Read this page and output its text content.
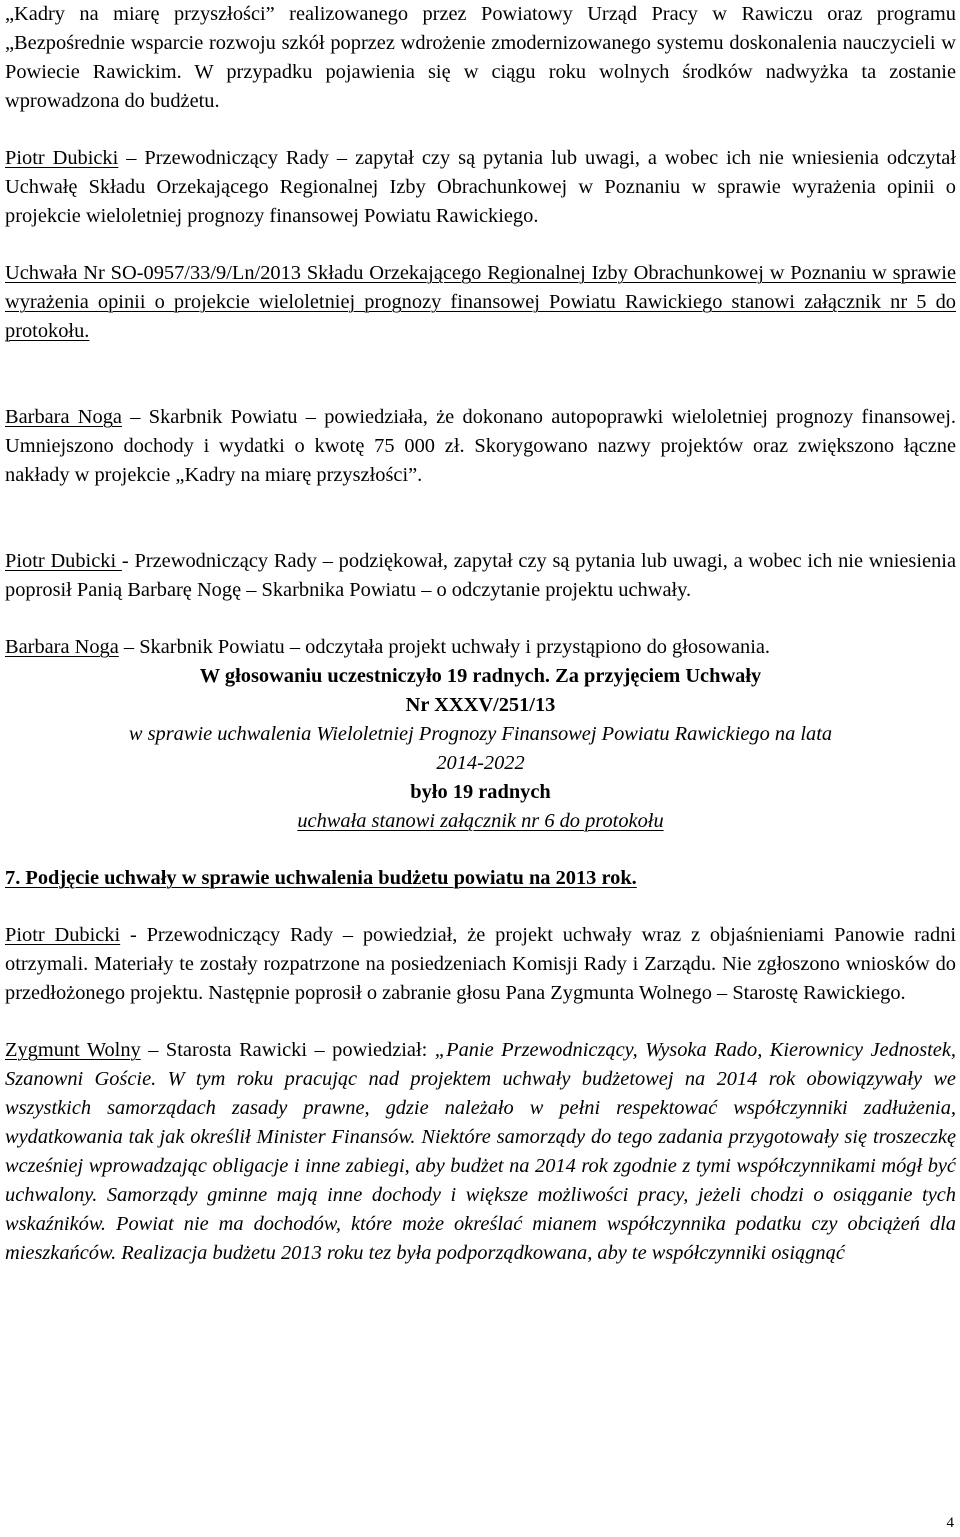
„Kadry na miarę przyszłości” realizowanego przez Powiatowy Urząd Pracy w Rawiczu oraz programu „Bezpośrednie wsparcie rozwoju szkół poprzez wdrożenie zmodernizowanego systemu doskonalenia nauczycieli w Powiecie Rawickim. W przypadku pojawienia się w ciągu roku wolnych środków nadwyżka ta zostanie wprowadzona do budżetu.

Piotr Dubicki – Przewodniczący Rady – zapytał czy są pytania lub uwagi, a wobec ich nie wniesienia odczytał Uchwałę Składu Orzekającego Regionalnej Izby Obrachunkowej w Poznaniu w sprawie wyrażenia opinii o projekcie wieloletniej prognozy finansowej Powiatu Rawickiego.

Uchwała Nr SO-0957/33/9/Ln/2013 Składu Orzekającego Regionalnej Izby Obrachunkowej w Poznaniu w sprawie wyrażenia opinii o projekcie wieloletniej prognozy finansowej Powiatu Rawickiego stanowi załącznik nr 5 do protokołu.

Barbara Noga – Skarbnik Powiatu – powiedziała, że dokonano autopoprawki wieloletniej prognozy finansowej. Umniejszono dochody i wydatki o kwotę 75 000 zł. Skorygowano nazwy projektów oraz zwiększono łączne nakłady w projekcie „Kadry na miarę przyszłości”.

Piotr Dubicki - Przewodniczący Rady – podziękował, zapytał czy są pytania lub uwagi, a wobec ich nie wniesienia poprosił Panią Barbarę Nogę – Skarbnika Powiatu – o odczytanie projektu uchwały.

Barbara Noga – Skarbnik Powiatu – odczytała projekt uchwały i przystąpiono do głosowania.

W głosowaniu uczestniczyło 19 radnych. Za przyjęciem Uchwały

Nr XXXV/251/13

w sprawie uchwalenia Wieloletniej Prognozy Finansowej Powiatu Rawickiego na lata

2014-2022

było 19 radnych

uchwała stanowi załącznik nr 6 do protokołu

7. Podjęcie uchwały w sprawie uchwalenia budżetu powiatu na 2013 rok.

Piotr Dubicki - Przewodniczący Rady – powiedział, że projekt uchwały wraz z objaśnieniami Panowie radni otrzymali. Materiały te zostały rozpatrzone na posiedzeniach Komisji Rady i Zarządu. Nie zgłoszono wniosków do przedłożonego projektu. Następnie poprosił o zabranie głosu Pana Zygmunta Wolnego – Starostę Rawickiego.

Zygmunt Wolny – Starosta Rawicki – powiedział: „Panie Przewodniczący, Wysoka Rado, Kierownicy Jednostek, Szanowni Goście. W tym roku pracując nad projektem uchwały budżetowej na 2014 rok obowiązywały we wszystkich samorządach zasady prawne, gdzie należało w pełni respektować współczynniki zadłużenia, wydatkowania tak jak określił Minister Finansów. Niektóre samorządy do tego zadania przygotowały się troszeczkę wcześniej wprowadzając obligacje i inne zabiegi, aby budżet na 2014 rok zgodnie z tymi współczynnikami mógł być uchwalony. Samorządy gminne mają inne dochody i większe możliwości pracy, jeżeli chodzi o osiąganie tych wskaźników. Powiat nie ma dochodów, które może określać mianem współczynnika podatku czy obciążeń dla mieszkańców. Realizacja budżetu 2013 roku tez była podporządkowana, aby te współczynniki osiągnąć

4
